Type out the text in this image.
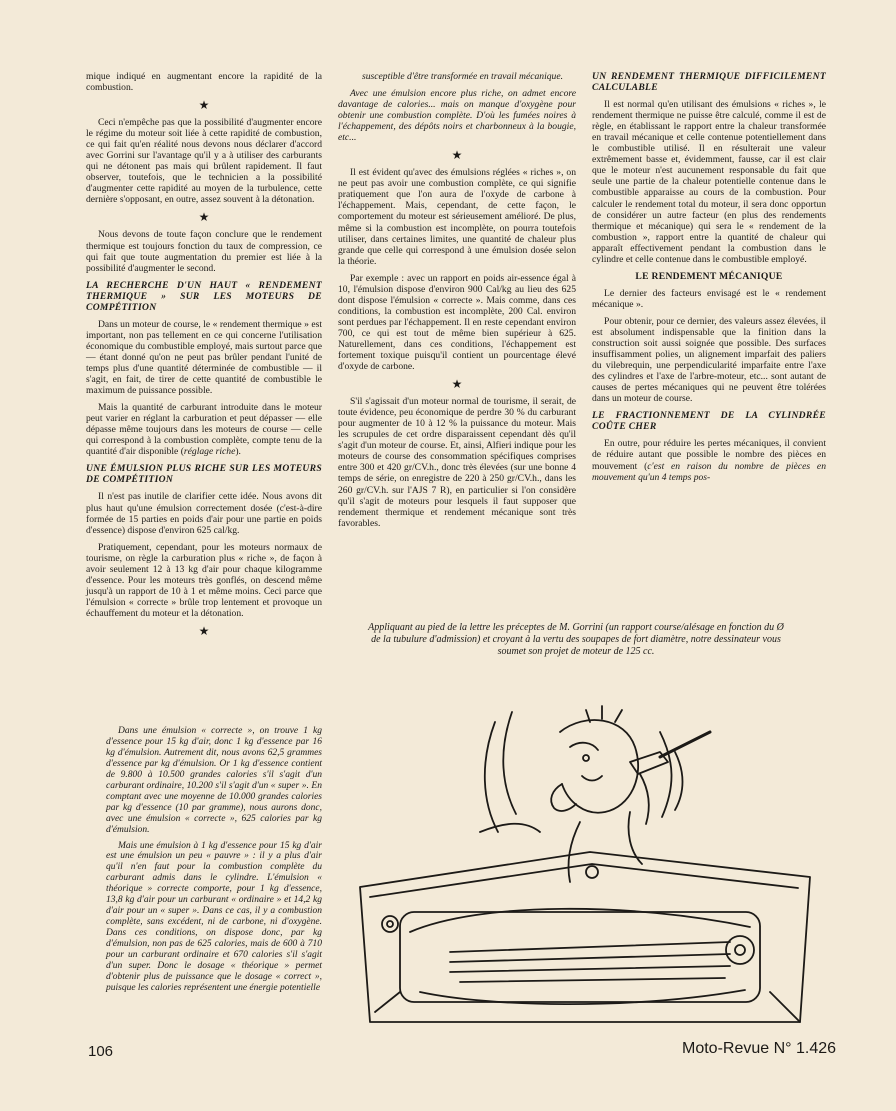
mique indiqué en augmentant encore la rapidité de la combustion.

★

Ceci n'empêche pas que la possibilité d'augmenter encore le régime du moteur soit liée à cette rapidité de combustion, ce qui fait qu'en réalité nous devons nous déclarer d'accord avec Gorrini sur l'avantage qu'il y a à utiliser des carburants qui ne détonent pas mais qui brûlent rapidement. Il faut observer, toutefois, que le technicien a la possibilité d'augmenter cette rapidité au moyen de la turbulence, cette dernière s'opposant, en outre, assez souvent à la détonation.

★

Nous devons de toute façon conclure que le rendement thermique est toujours fonction du taux de compression, ce qui fait que toute augmentation du premier est liée à la possibilité d'augmenter le second.

LA RECHERCHE D'UN HAUT « RENDEMENT THERMIQUE » SUR LES MOTEURS DE COMPÉTITION

Dans un moteur de course, le « rendement thermique » est important, non pas tellement en ce qui concerne l'utilisation économique du combustible employé, mais surtout parce que — étant donné qu'on ne peut pas brûler pendant l'unité de temps plus d'une quantité déterminée de combustible — il s'agit, en fait, de tirer de cette quantité de combustible le maximum de puissance possible.

Mais la quantité de carburant introduite dans le moteur peut varier en réglant la carburation et peut dépasser — elle dépasse même toujours dans les moteurs de course — celle qui correspond à la combustion complète, compte tenu de la quantité d'air disponible (réglage riche).

UNE ÉMULSION PLUS RICHE SUR LES MOTEURS DE COMPÉTITION

Il n'est pas inutile de clarifier cette idée. Nous avons dit plus haut qu'une émulsion correctement dosée (c'est-à-dire formée de 15 parties en poids d'air pour une partie en poids d'essence) dispose d'environ 625 cal/kg.

Pratiquement, cependant, pour les moteurs normaux de tourisme, on règle la carburation plus « riche », de façon à avoir seulement 12 à 13 kg d'air pour chaque kilogramme d'essence. Pour les moteurs très gonflés, on descend même jusqu'à un rapport de 10 à 1 et même moins. Ceci parce que l'émulsion « correcte » brûle trop lentement et provoque un échauffement du moteur et la détonation.

★

Dans une émulsion « correcte », on trouve 1 kg d'essence pour 15 kg d'air, donc 1 kg d'essence par 16 kg d'émulsion. Autrement dit, nous avons 62,5 grammes d'essence par kg d'émulsion. Or 1 kg d'essence contient de 9.800 à 10.500 grandes calories s'il s'agit d'un carburant ordinaire, 10.200 s'il s'agit d'un « super ». En comptant avec une moyenne de 10.000 grandes calories par kg d'essence (10 par gramme), nous aurons donc, avec une émulsion « correcte », 625 calories par kg d'émulsion.

Mais une émulsion à 1 kg d'essence pour 15 kg d'air est une émulsion un peu « pauvre » : il y a plus d'air qu'il n'en faut pour la combustion complète du carburant admis dans le cylindre. L'émulsion « théorique » correcte comporte, pour 1 kg d'essence, 13,8 kg d'air pour un carburant « ordinaire » et 14,2 kg d'air pour un « super ». Dans ce cas, il y a combustion complète, sans excédent, ni de carbone, ni d'oxygène. Dans ces conditions, on dispose donc, par kg d'émulsion, non pas de 625 calories, mais de 600 à 710 pour un carburant ordinaire et 670 calories s'il s'agit d'un super. Donc le dosage « théorique » permet d'obtenir plus de puissance que le dosage « correct », puisque les calories représentent une énergie potentielle

susceptible d'être transformée en travail mécanique.

Avec une émulsion encore plus riche, on admet encore davantage de calories... mais on manque d'oxygène pour obtenir une combustion complète. D'où les fumées noires à l'échappement, des dépôts noirs et charbonneux à la bougie, etc...

★

Il est évident qu'avec des émulsions réglées « riches », on ne peut pas avoir une combustion complète, ce qui signifie pratiquement que l'on aura de l'oxyde de carbone à l'échappement. Mais, cependant, de cette façon, le comportement du moteur est sérieusement amélioré. De plus, même si la combustion est incomplète, on pourra toutefois utiliser, dans certaines limites, une quantité de chaleur plus grande que celle qui correspond à une émulsion dosée selon la théorie.

Par exemple : avec un rapport en poids air-essence égal à 10, l'émulsion dispose d'environ 900 Cal/kg au lieu des 625 dont dispose l'émulsion « correcte ». Mais comme, dans ces conditions, la combustion est incomplète, 200 Cal. environ sont perdues par l'échappement. Il en reste cependant environ 700, ce qui est tout de même bien supérieur à 625. Naturellement, dans ces conditions, l'échappement est fortement toxique puisqu'il contient un pourcentage élevé d'oxyde de carbone.

★

S'il s'agissait d'un moteur normal de tourisme, il serait, de toute évidence, peu économique de perdre 30 % du carburant pour augmenter de 10 à 12 % la puissance du moteur. Mais les scrupules de cet ordre disparaissent cependant dès qu'il s'agit d'un moteur de course. Et, ainsi, Alfieri indique pour les moteurs de course des consommation spécifiques comprises entre 300 et 420 gr/CV.h., donc très élevées (sur une bonne 4 temps de série, on enregistre de 220 à 250 gr/CV.h., dans les 260 gr/CV.h. sur l'AJS 7 R), en particulier si l'on considère qu'il s'agit de moteurs pour lesquels il faut supposer que rendement thermique et rendement mécanique sont très favorables.

UN RENDEMENT THERMIQUE DIFFICILEMENT CALCULABLE

Il est normal qu'en utilisant des émulsions « riches », le rendement thermique ne puisse être calculé, comme il est de règle, en établissant le rapport entre la chaleur transformée en travail mécanique et celle contenue potentiellement dans le combustible utilisé. Il en résulterait une valeur extrêmement basse et, évidemment, fausse, car il est clair que le moteur n'est aucunement responsable du fait que seule une partie de la chaleur potentielle contenue dans le combustible apparaisse au cours de la combustion. Pour calculer le rendement total du moteur, il sera donc opportun de considérer un autre facteur (en plus des rendements thermique et mécanique) qui sera le « rendement de la combustion », rapport entre la quantité de chaleur qui apparaît effectivement pendant la combustion dans le cylindre et celle contenue dans le combustible employé.

LE RENDEMENT MÉCANIQUE

Le dernier des facteurs envisagé est le « rendement mécanique ».

Pour obtenir, pour ce dernier, des valeurs assez élevées, il est absolument indispensable que la finition dans la construction soit aussi soignée que possible. Des surfaces insuffisamment polies, un alignement imparfait des paliers du vilebrequin, une perpendicularité imparfaite entre l'axe des cylindres et l'axe de l'arbre-moteur, etc... sont autant de causes de pertes mécaniques qui ne peuvent être tolérées dans un moteur de course.

LE FRACTIONNEMENT DE LA CYLINDRÉE COÛTE CHER

En outre, pour réduire les pertes mécaniques, il convient de réduire autant que possible le nombre des pièces en mouvement (c'est en raison du nombre de pièces en mouvement qu'un 4 temps pos-

Appliquant au pied de la lettre les préceptes de M. Gorrini (un rapport course/alésage en fonction du Ø de la tubulure d'admission) et croyant à la vertu des soupapes de fort diamètre, notre dessinateur vous soumet son projet de moteur de 125 cc.
106	Moto-Revue N° 1.426
